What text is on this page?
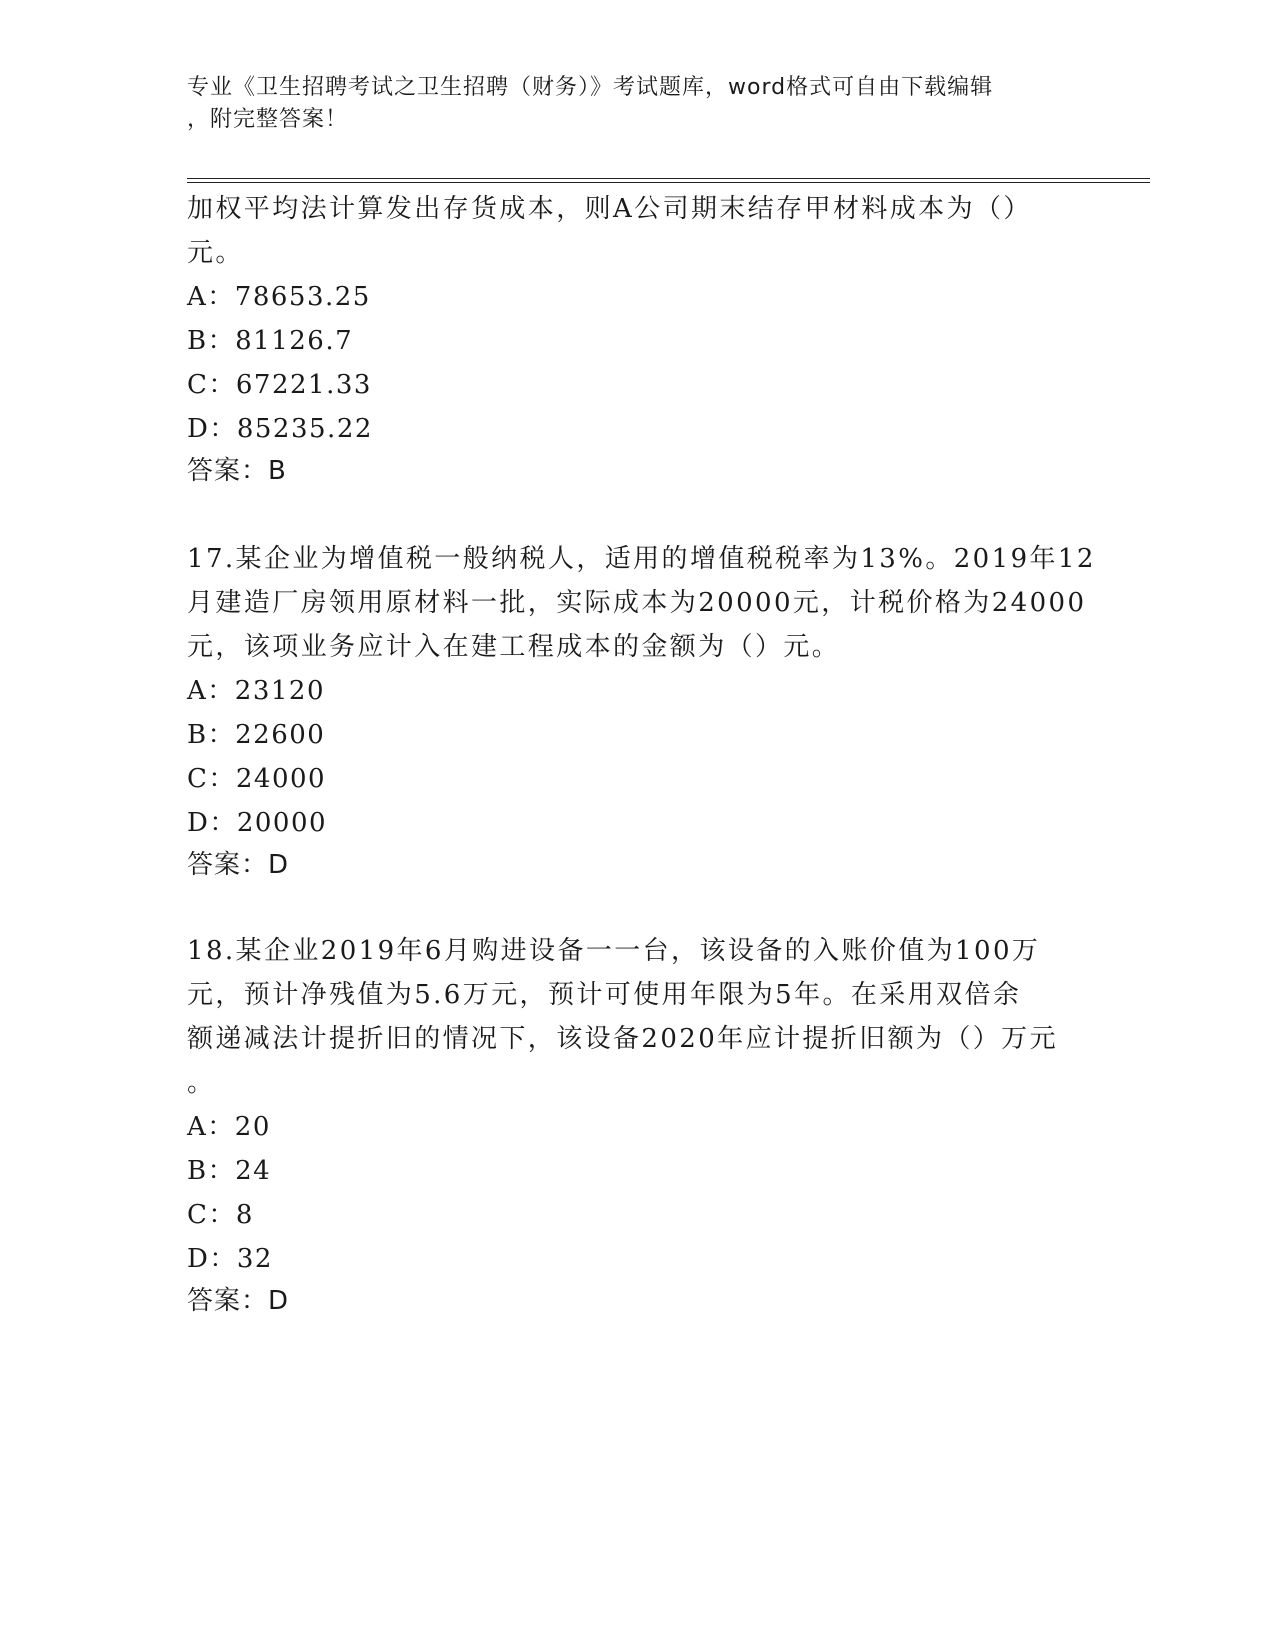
专业《卫生招聘考试之卫生招聘（财务）》考试题库，word格式可自由下载编辑
，附完整答案！
加权平均法计算发出存货成本，则A公司期末结存甲材料成本为（）
元。
A：78653.25
B：81126.7
C：67221.33
D：85235.22
答案：B
17.某企业为增值税一般纳税人，适用的增值税税率为13%。2019年12
月建造厂房领用原材料一批，实际成本为20000元，计税价格为24000
元，该项业务应计入在建工程成本的金额为（）元。
A：23120
B：22600
C：24000
D：20000
答案：D
18.某企业2019年6月购进设备一一台，该设备的入账价值为100万
元，预计净残值为5.6万元，预计可使用年限为5年。在采用双倍余
额递减法计提折旧的情况下，该设备2020年应计提折旧额为（）万元
。
A：20
B：24
C：8
D：32
答案：D
